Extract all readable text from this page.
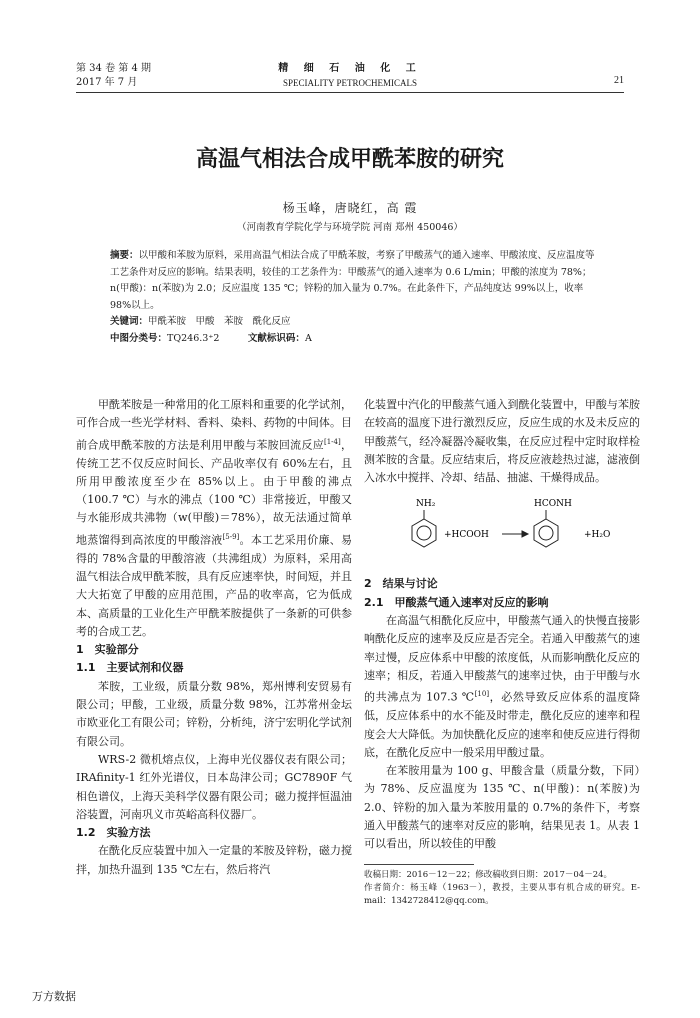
第 34 卷 第 4 期
2017 年 7 月
精 细 石 油 化 工
SPECIALITY PETROCHEMICALS	21
高温气相法合成甲酰苯胺的研究
杨玉峰，唐晓红，高 霞
（河南教育学院化学与环境学院 河南 郑州 450046）

摘要：以甲酸和苯胺为原料，采用高温气相法合成了甲酰苯胺，考察了甲酸蒸气的通入速率、甲酸浓度、反应温度等工艺条件对反应的影响。结果表明，较佳的工艺条件为：甲酸蒸气的通入速率为 0.6 L/min；甲酸的浓度为 78%；n(甲酸)：n(苯胺)为 2.0；反应温度 135 ℃；锌粉的加入量为 0.7%。在此条件下，产品纯度达 99%以上，收率 98%以上。

关键词：甲酰苯胺　甲酸　苯胺　酰化反应

中图分类号：TQ246.3⁺2　　　	文献标识码：A

甲酰苯胺是一种常用的化工原料和重要的化学试剂，可作合成一些光学材料、香料、染料、药物的中间体。目前合成甲酰苯胺的方法是利用甲酸与苯胺回流反应[1-4]，传统工艺不仅反应时间长、产品收率仅有 60%左右，且所用甲酸浓度至少在 85%以上。由于甲酸的沸点（100.7 ℃）与水的沸点（100 ℃）非常接近，甲酸又与水能形成共沸物（w(甲酸)＝78%），故无法通过简单地蒸馏得到高浓度的甲酸溶液[5-9]。本工艺采用价廉、易得的 78%含量的甲酸溶液（共沸组成）为原料，采用高温气相法合成甲酰苯胺，具有反应速率快，时间短，并且大大拓宽了甲酸的应用范围，产品的收率高，它为低成本、高质量的工业化生产甲酰苯胺提供了一条新的可供参考的合成工艺。

1　实验部分

1.1　主要试剂和仪器

苯胺，工业级，质量分数 98%，郑州博利安贸易有限公司；甲酸，工业级，质量分数 98%，江苏常州金坛市欧亚化工有限公司；锌粉，分析纯，济宁宏明化学试剂有限公司。

WRS-2 微机熔点仪，上海申光仪器仪表有限公司；IRAfinity-1 红外光谱仪，日本岛津公司；GC7890F 气相色谱仪，上海天美科学仪器有限公司；磁力搅拌恒温油浴装置，河南巩义市英峪高科仪器厂。

1.2　实验方法

在酰化反应装置中加入一定量的苯胺及锌粉，磁力搅拌，加热升温到 135 ℃左右，然后将汽

化装置中汽化的甲酸蒸气通入到酰化装置中，甲酸与苯胺在较高的温度下进行激烈反应，反应生成的水及未反应的甲酸蒸气，经冷凝器冷凝收集，在反应过程中定时取样检测苯胺的含量。反应结束后，将反应液趁热过滤，滤液倒入冰水中搅拌、冷却、结晶、抽滤、干燥得成品。

NH₂
+HCOOH
HCONH
+H₂O

2　结果与讨论

2.1　甲酸蒸气通入速率对反应的影响

在高温气相酰化反应中，甲酸蒸气通入的快慢直接影响酰化反应的速率及反应是否完全。若通入甲酸蒸气的速率过慢，反应体系中甲酸的浓度低，从而影响酰化反应的速率；相反，若通入甲酸蒸气的速率过快，由于甲酸与水的共沸点为 107.3 ℃[10]，必然导致反应体系的温度降低，反应体系中的水不能及时带走，酰化反应的速率和程度会大大降低。为加快酰化反应的速率和使反应进行得彻底，在酰化反应中一般采用甲酸过量。

在苯胺用量为 100 g、甲酸含量（质量分数，下同）为 78%、反应温度为 135 ℃、n(甲酸)：n(苯胺)为 2.0、锌粉的加入量为苯胺用量的 0.7%的条件下，考察通入甲酸蒸气的速率对反应的影响，结果见表 1。从表 1 可以看出，所以较佳的甲酸

收稿日期：2016－12－22；修改稿收到日期：2017－04－24。

作者简介：杨玉峰（1963－），教授，主要从事有机合成的研究。E-mail：1342728412@qq.com。

万方数据
